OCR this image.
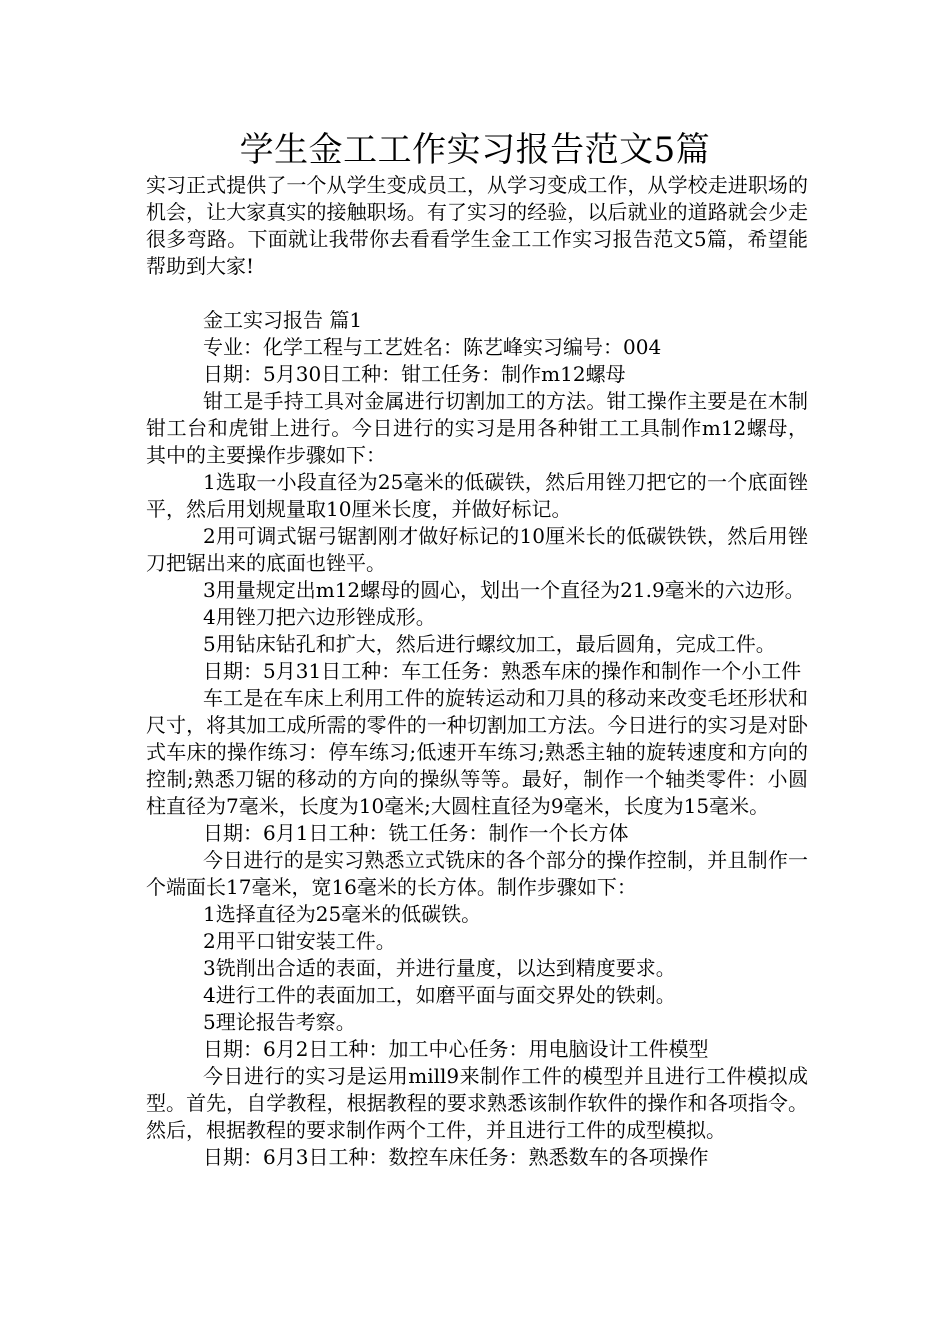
学生金工工作实习报告范文5篇

实习正式提供了一个从学生变成员工，从学习变成工作，从学校走进职场的机会，让大家真实的接触职场。有了实习的经验，以后就业的道路就会少走很多弯路。下面就让我带你去看看学生金工工作实习报告范文5篇，希望能帮助到大家!

金工实习报告 篇1

专业：化学工程与工艺姓名：陈艺峰实习编号：004

日期：5月30日工种：钳工任务：制作m12螺母

钳工是手持工具对金属进行切割加工的方法。钳工操作主要是在木制钳工台和虎钳上进行。今日进行的实习是用各种钳工工具制作m12螺母，其中的主要操作步骤如下：

1选取一小段直径为25毫米的低碳铁，然后用锉刀把它的一个底面锉平，然后用划规量取10厘米长度，并做好标记。

2用可调式锯弓锯割刚才做好标记的10厘米长的低碳铁铁，然后用锉刀把锯出来的底面也锉平。

3用量规定出m12螺母的圆心，划出一个直径为21.9毫米的六边形。

4用锉刀把六边形锉成形。

5用钻床钻孔和扩大，然后进行螺纹加工，最后圆角，完成工件。

日期：5月31日工种：车工任务：熟悉车床的操作和制作一个小工件

车工是在车床上利用工件的旋转运动和刀具的移动来改变毛坯形状和尺寸，将其加工成所需的零件的一种切割加工方法。今日进行的实习是对卧式车床的操作练习：停车练习;低速开车练习;熟悉主轴的旋转速度和方向的控制;熟悉刀锯的移动的方向的操纵等等。最好，制作一个轴类零件：小圆柱直径为7毫米，长度为10毫米;大圆柱直径为9毫米，长度为15毫米。

日期：6月1日工种：铣工任务：制作一个长方体

今日进行的是实习熟悉立式铣床的各个部分的操作控制，并且制作一个端面长17毫米，宽16毫米的长方体。制作步骤如下：

1选择直径为25毫米的低碳铁。

2用平口钳安装工件。

3铣削出合适的表面，并进行量度，以达到精度要求。

4进行工件的表面加工，如磨平面与面交界处的铁刺。

5理论报告考察。

日期：6月2日工种：加工中心任务：用电脑设计工件模型

今日进行的实习是运用mill9来制作工件的模型并且进行工件模拟成型。首先，自学教程，根据教程的要求熟悉该制作软件的操作和各项指令。然后，根据教程的要求制作两个工件，并且进行工件的成型模拟。

日期：6月3日工种：数控车床任务：熟悉数车的各项操作
